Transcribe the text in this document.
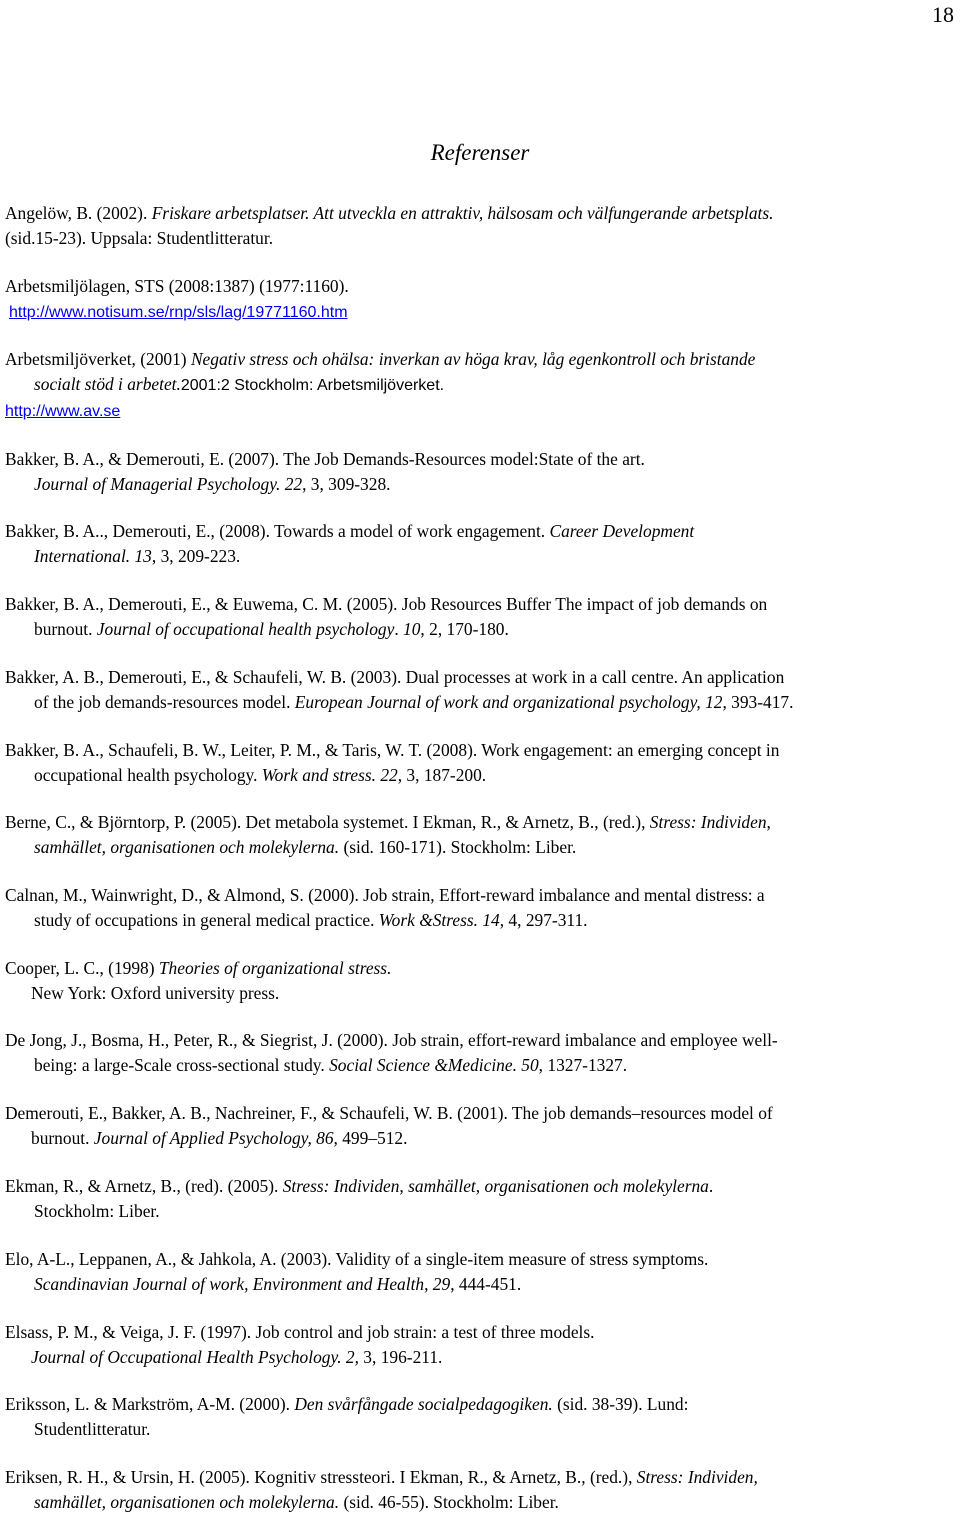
18
Referenser
Angelöw, B. (2002). Friskare arbetsplatser. Att utveckla en attraktiv, hälsosam och välfungerande arbetsplats.
(sid.15-23). Uppsala: Studentlitteratur.
Arbetsmiljölagen, STS (2008:1387) (1977:1160).
http://www.notisum.se/rnp/sls/lag/19771160.htm
Arbetsmiljöverket, (2001) Negativ stress och ohälsa: inverkan av höga krav, låg egenkontroll och bristande
socialt stöd i arbetet.2001:2 Stockholm: Arbetsmiljöverket.
http://www.av.se
Bakker, B. A., & Demerouti, E. (2007). The Job Demands-Resources model:State of the art.
Journal of Managerial Psychology. 22, 3, 309-328.
Bakker, B. A.., Demerouti, E., (2008). Towards a model of work engagement. Career Development
International. 13, 3, 209-223.
Bakker, B. A., Demerouti, E., & Euwema, C. M. (2005). Job Resources Buffer The impact of job demands on
burnout. Journal of occupational health psychology. 10, 2, 170-180.
Bakker, A. B., Demerouti, E., & Schaufeli, W. B. (2003). Dual processes at work in a call centre. An application
of the job demands-resources model. European Journal of work and organizational psychology, 12, 393-417.
Bakker, B. A., Schaufeli, B. W., Leiter, P. M., & Taris, W. T. (2008). Work engagement: an emerging concept in
occupational health psychology. Work and stress. 22, 3, 187-200.
Berne, C., & Björntorp, P. (2005). Det metabola systemet. I Ekman, R., & Arnetz, B., (red.), Stress: Individen,
samhället, organisationen och molekylerna. (sid. 160-171). Stockholm: Liber.
Calnan, M., Wainwright, D., & Almond, S. (2000). Job strain, Effort-reward imbalance and mental distress: a
study of occupations in general medical practice. Work &Stress. 14, 4, 297-311.
Cooper, L. C., (1998) Theories of organizational stress.
New York: Oxford university press.
De Jong, J., Bosma, H., Peter, R., & Siegrist, J. (2000). Job strain, effort-reward imbalance and employee well-
being: a large-Scale cross-sectional study. Social Science &Medicine. 50, 1327-1327.
Demerouti, E., Bakker, A. B., Nachreiner, F., & Schaufeli, W. B. (2001). The job demands–resources model of
burnout. Journal of Applied Psychology, 86, 499–512.
Ekman, R., & Arnetz, B., (red). (2005). Stress: Individen, samhället, organisationen och molekylerna.
Stockholm: Liber.
Elo, A-L., Leppanen, A., & Jahkola, A. (2003). Validity of a single-item measure of stress symptoms.
Scandinavian Journal of work, Environment and Health, 29, 444-451.
Elsass, P. M., & Veiga, J. F. (1997). Job control and job strain: a test of three models.
Journal of Occupational Health Psychology. 2, 3, 196-211.
Eriksson, L. & Markström, A-M. (2000). Den svårfångade socialpedagogiken. (sid. 38-39). Lund:
Studentlitteratur.
Eriksen, R. H., & Ursin, H. (2005). Kognitiv stressteori. I Ekman, R., & Arnetz, B., (red.), Stress: Individen,
samhället, organisationen och molekylerna. (sid. 46-55). Stockholm: Liber.
